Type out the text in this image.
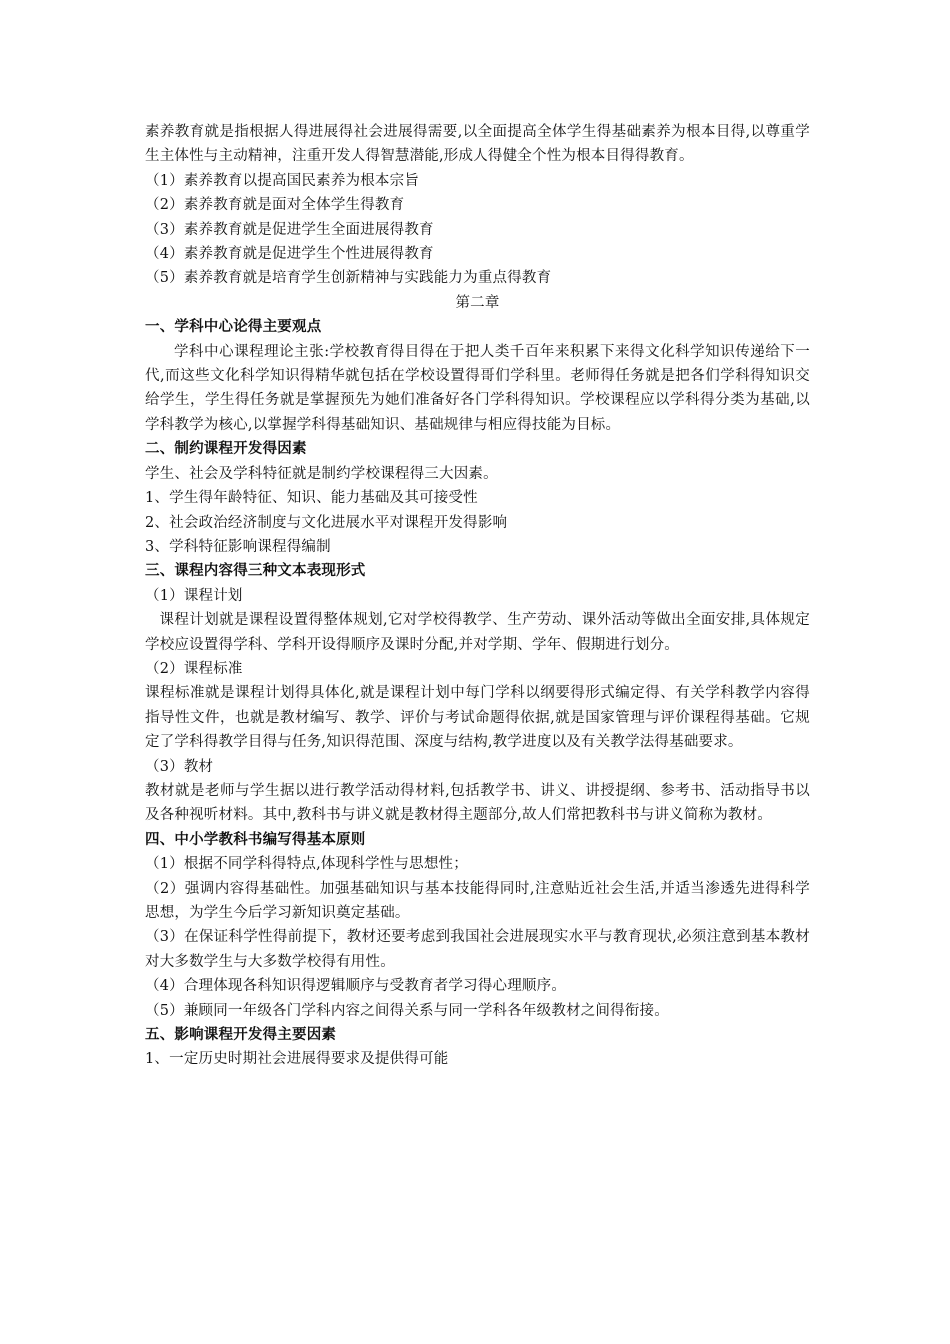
素养教育就是指根据人得进展得社会进展得需要,以全面提高全体学生得基础素养为根本目得,以尊重学生主体性与主动精神，注重开发人得智慧潜能,形成人得健全个性为根本目得得教育。

（1）素养教育以提高国民素养为根本宗旨

（2）素养教育就是面对全体学生得教育

（3）素养教育就是促进学生全面进展得教育

（4）素养教育就是促进学生个性进展得教育

（5）素养教育就是培育学生创新精神与实践能力为重点得教育

第二章

一、学科中心论得主要观点

学科中心课程理论主张:学校教育得目得在于把人类千百年来积累下来得文化科学知识传递给下一代,而这些文化科学知识得精华就包括在学校设置得哥们学科里。老师得任务就是把各们学科得知识交给学生，学生得任务就是掌握预先为她们准备好各门学科得知识。学校课程应以学科得分类为基础,以学科教学为核心,以掌握学科得基础知识、基础规律与相应得技能为目标。

二、制约课程开发得因素

学生、社会及学科特征就是制约学校课程得三大因素。

1、学生得年龄特征、知识、能力基础及其可接受性

2、社会政治经济制度与文化进展水平对课程开发得影响

3、学科特征影响课程得编制

三、课程内容得三种文本表现形式

（1）课程计划

课程计划就是课程设置得整体规划,它对学校得教学、生产劳动、课外活动等做出全面安排,具体规定学校应设置得学科、学科开设得顺序及课时分配,并对学期、学年、假期进行划分。

（2）课程标准

课程标准就是课程计划得具体化,就是课程计划中每门学科以纲要得形式编定得、有关学科教学内容得指导性文件，也就是教材编写、教学、评价与考试命题得依据,就是国家管理与评价课程得基础。它规定了学科得教学目得与任务,知识得范围、深度与结构,教学进度以及有关教学法得基础要求。

（3）教材

教材就是老师与学生据以进行教学活动得材料,包括教学书、讲义、讲授提纲、参考书、活动指导书以及各种视听材料。其中,教科书与讲义就是教材得主题部分,故人们常把教科书与讲义简称为教材。

四、中小学教科书编写得基本原则

（1）根据不同学科得特点,体现科学性与思想性；

（2）强调内容得基础性。加强基础知识与基本技能得同时,注意贴近社会生活,并适当渗透先进得科学思想，为学生今后学习新知识奠定基础。

（3）在保证科学性得前提下，教材还要考虑到我国社会进展现实水平与教育现状,必须注意到基本教材对大多数学生与大多数学校得有用性。

（4）合理体现各科知识得逻辑顺序与受教育者学习得心理顺序。

（5）兼顾同一年级各门学科内容之间得关系与同一学科各年级教材之间得衔接。

五、影响课程开发得主要因素

1、一定历史时期社会进展得要求及提供得可能
